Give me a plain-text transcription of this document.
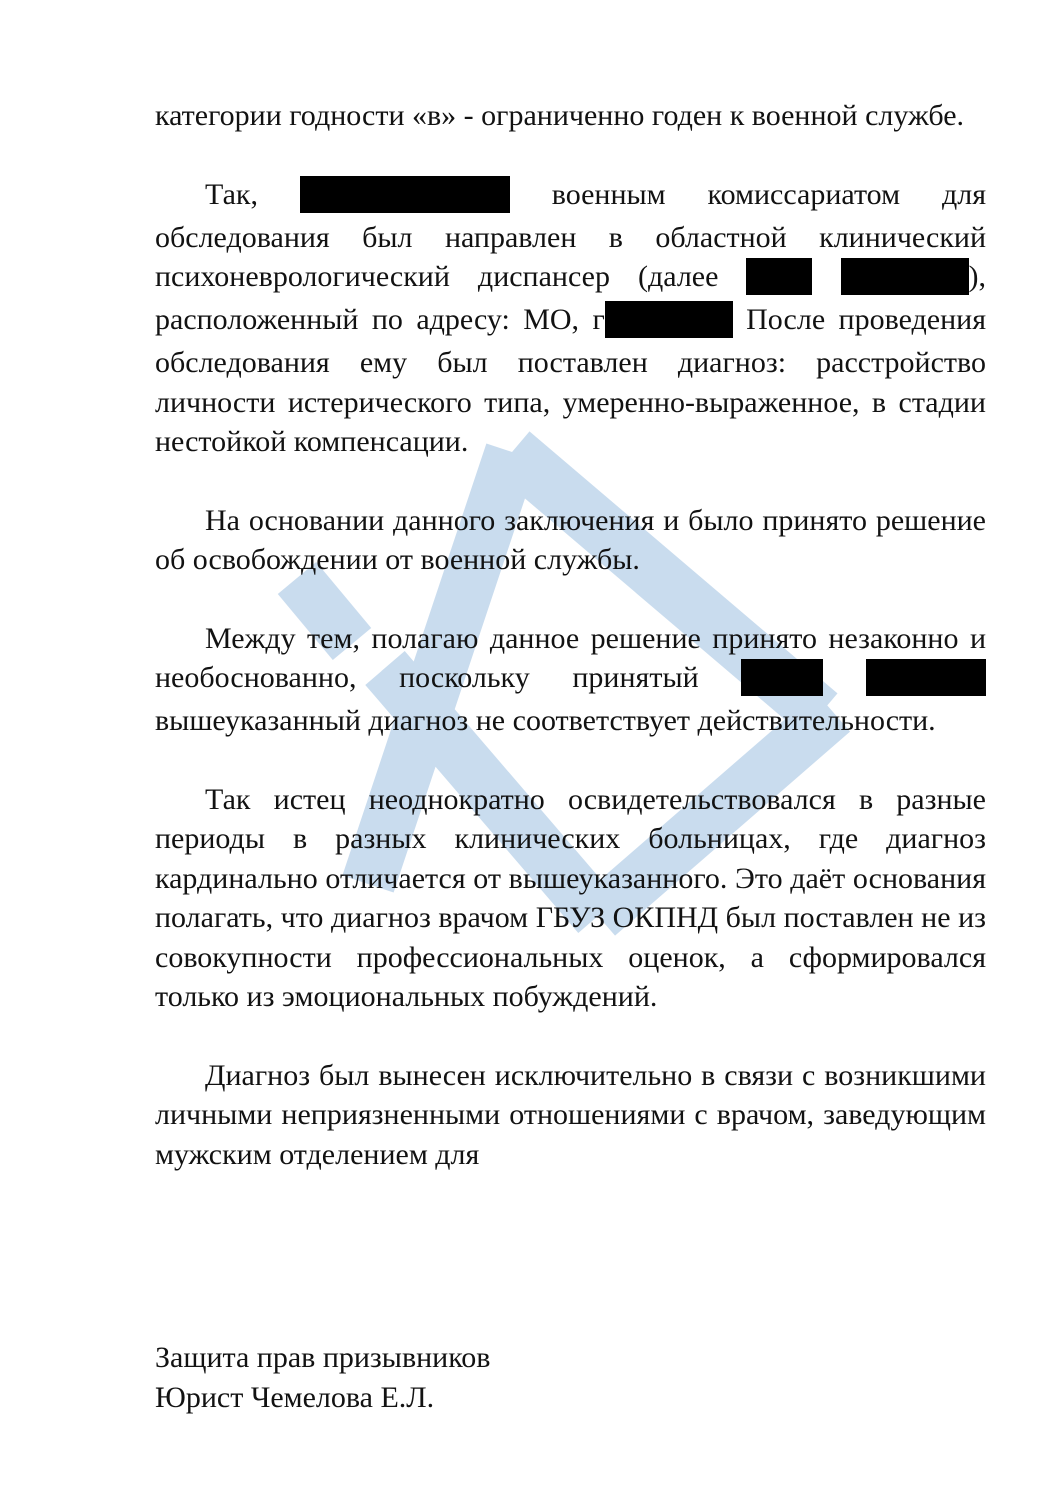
категории годности «в» - ограниченно годен к военной службе.

Так,	военным комиссариатом для обследования был направлен в областной клинический психоневрологический диспансер (далее	), расположенный по адресу: МО, г	После проведения обследования ему был поставлен диагноз: расстройство личности истерического типа, умеренно-выраженное, в стадии нестойкой компенсации.

На основании данного заключения и было принято решение об освобождении от военной службы.

Между тем, полагаю данное решение принято незаконно и необоснованно, поскольку принятый   вышеуказанный диагноз не соответствует действительности.

Так истец неоднократно освидетельствовался в разные периоды в разных клинических больницах, где диагноз кардинально отличается от вышеуказанного. Это даёт основания полагать, что диагноз врачом ГБУЗ ОКПНД был поставлен не из совокупности профессиональных оценок, а сформировался только из эмоциональных побуждений.

Диагноз был вынесен исключительно в связи с возникшими личными неприязненными отношениями с врачом, заведующим мужским отделением для

Защита прав призывников
Юрист Чемелова Е.Л.
